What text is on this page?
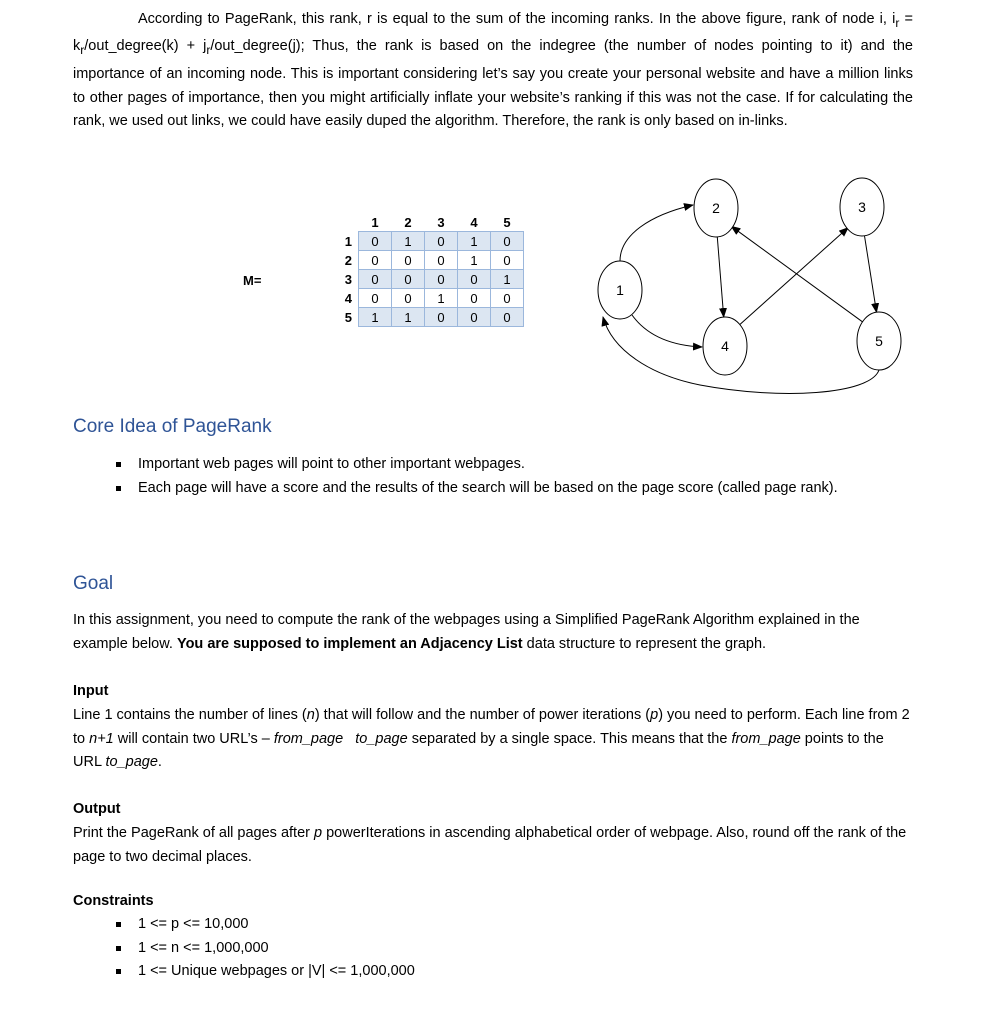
According to PageRank, this rank, r is equal to the sum of the incoming ranks. In the above figure, rank of node i, $i_r$ = $k_r/out\_degree(k)$ + $j_r/out\_degree(j)$; Thus, the rank is based on the indegree (the number of nodes pointing to it) and the importance of an incoming node. This is important considering let’s say you create your personal website and have a million links to other pages of importance, then you might artificially inflate your website’s ranking if this was not the case. If for calculating the rank, we used out links, we could have easily duped the algorithm. Therefore, the rank is only based on in-links.
M=
	1	2	3	4	5
1	0	1	0	1	0
2	0	0	0	1	0
3	0	0	0	0	1
4	0	0	1	0	0
5	1	1	0	0	0
1
2	3
4	5
Core Idea of PageRank
Important web pages will point to other important webpages.
Each page will have a score and the results of the search will be based on the page score (called page rank).
Goal
In this assignment, you need to compute the rank of the webpages using a Simplified PageRank Algorithm explained in the example below. You are supposed to implement an Adjacency List data structure to represent the graph.
Input
Line 1 contains the number of lines (n) that will follow and the number of power iterations (p) you need to perform. Each line from 2 to n+1 will contain two URL’s – from_page to_page separated by a single space. This means that the from_page points to the URL to_page.
Output
Print the PageRank of all pages after p powerIterations in ascending alphabetical order of webpage. Also, round off the rank of the page to two decimal places.
Constraints
1 <= p <= 10,000
1 <= n <= 1,000,000
1 <= Unique webpages or |V| <= 1,000,000
